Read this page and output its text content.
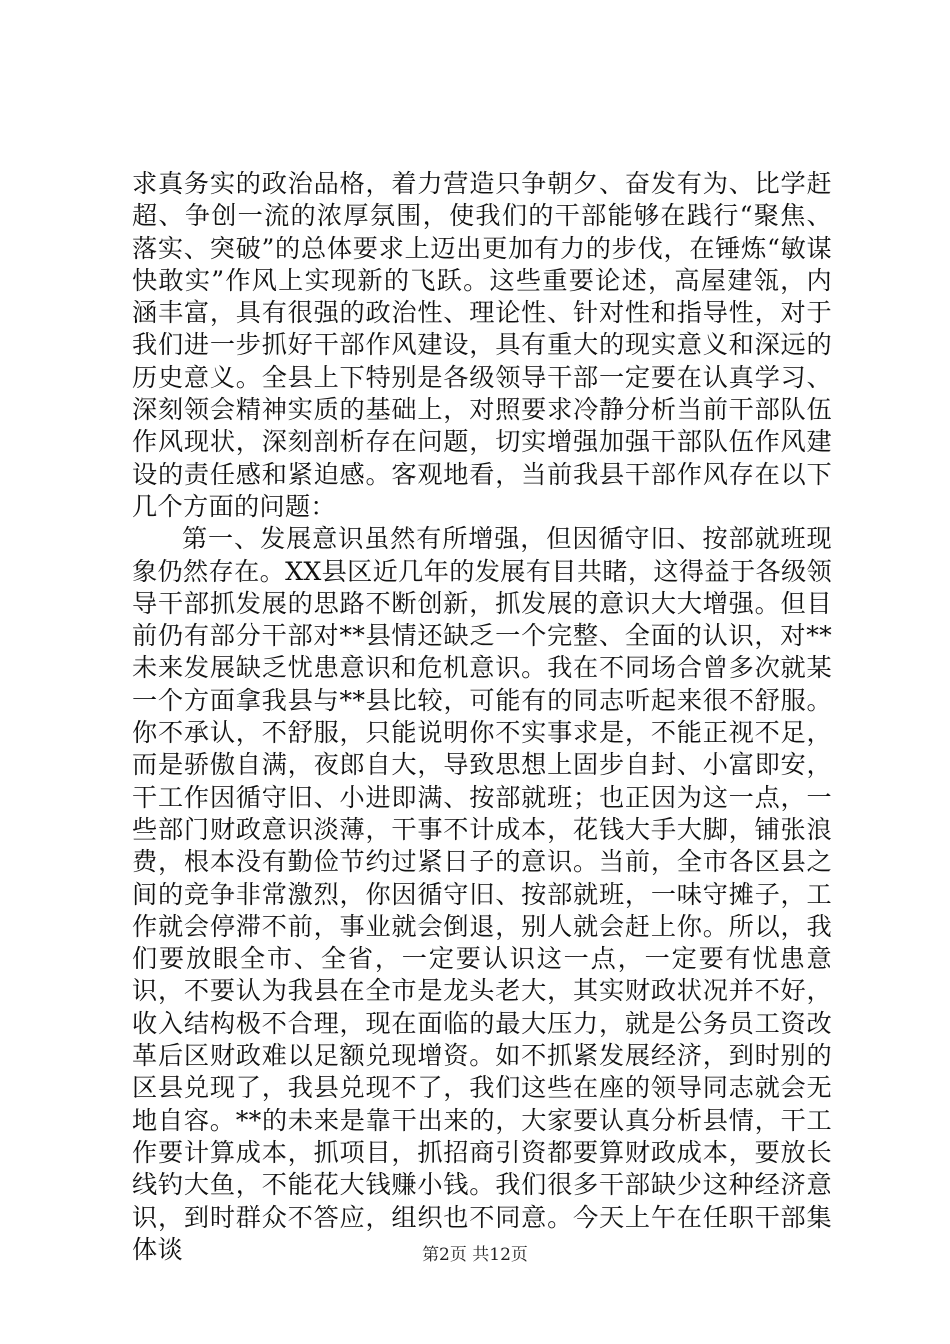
求真务实的政治品格，着力营造只争朝夕、奋发有为、比学赶超、争创一流的浓厚氛围，使我们的干部能够在践行“聚焦、落实、突破”的总体要求上迈出更加有力的步伐，在锤炼“敏谋快敢实”作风上实现新的飞跃。这些重要论述，高屋建瓴，内涵丰富，具有很强的政治性、理论性、针对性和指导性，对于我们进一步抓好干部作风建设，具有重大的现实意义和深远的历史意义。全县上下特别是各级领导干部一定要在认真学习、深刻领会精神实质的基础上，对照要求冷静分析当前干部队伍作风现状，深刻剖析存在问题，切实增强加强干部队伍作风建设的责任感和紧迫感。客观地看，当前我县干部作风存在以下几个方面的问题：

第一、发展意识虽然有所增强，但因循守旧、按部就班现象仍然存在。XX县区近几年的发展有目共睹，这得益于各级领导干部抓发展的思路不断创新，抓发展的意识大大增强。但目前仍有部分干部对**县情还缺乏一个完整、全面的认识，对**未来发展缺乏忧患意识和危机意识。我在不同场合曾多次就某一个方面拿我县与**县比较，可能有的同志听起来很不舒服。你不承认，不舒服，只能说明你不实事求是，不能正视不足，而是骄傲自满，夜郎自大，导致思想上固步自封、小富即安，干工作因循守旧、小进即满、按部就班；也正因为这一点，一些部门财政意识淡薄，干事不计成本，花钱大手大脚，铺张浪费，根本没有勤俭节约过紧日子的意识。当前，全市各区县之间的竞争非常激烈，你因循守旧、按部就班，一味守摊子，工作就会停滞不前，事业就会倒退，别人就会赶上你。所以，我们要放眼全市、全省，一定要认识这一点，一定要有忧患意识，不要认为我县在全市是龙头老大，其实财政状况并不好，收入结构极不合理，现在面临的最大压力，就是公务员工资改革后区财政难以足额兑现增资。如不抓紧发展经济，到时别的区县兑现了，我县兑现不了，我们这些在座的领导同志就会无地自容。**的未来是靠干出来的，大家要认真分析县情，干工作要计算成本，抓项目，抓招商引资都要算财政成本，要放长线钓大鱼，不能花大钱赚小钱。我们很多干部缺少这种经济意识，到时群众不答应，组织也不同意。今天上午在任职干部集体谈	第2页 共12页
